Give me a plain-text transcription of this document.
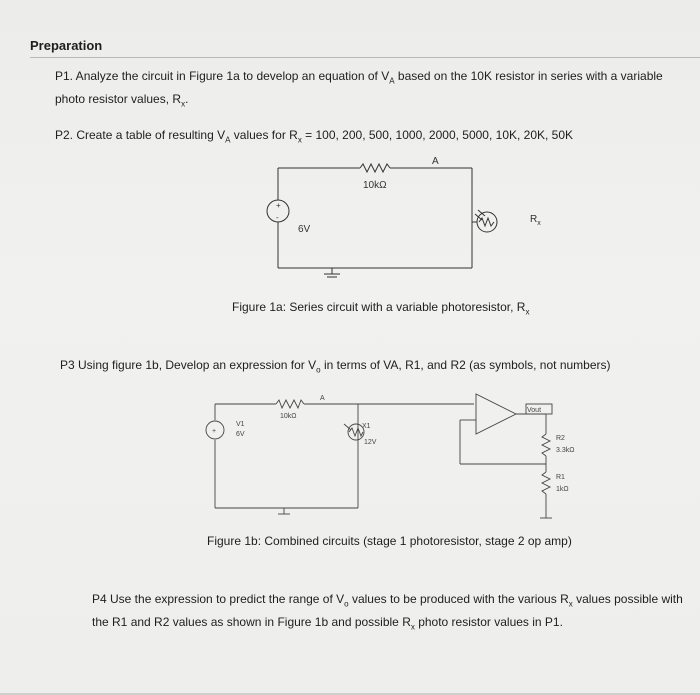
Preparation
P1. Analyze the circuit in Figure 1a to develop an equation of $V_A$ based on the 10K resistor in series with a variable photo resistor values, $R_x$.
P2. Create a table of resulting $V_A$ values for $R_x = 100$, 200, 500, 1000, 2000, 5000, 10K, 20K, 50K
+
-
A
10kΩ
6V
$R_x$
Figure 1a: Series circuit with a variable photoresistor, $R_x$
P3 Using figure 1b, Develop an expression for $V_o$ in terms of VA, R1, and R2 (as symbols, not numbers)
+
V1
6V
10kΩ
A
X1
12V
Vout
R2
3.3kΩ
R1
1kΩ
Figure 1b: Combined circuits (stage 1 photoresistor, stage 2 op amp)
P4 Use the expression to predict the range of $V_o$ values to be produced with the various $R_x$ values possible with the R1 and R2 values as shown in Figure 1b and possible $R_x$ photo resistor values in P1.
